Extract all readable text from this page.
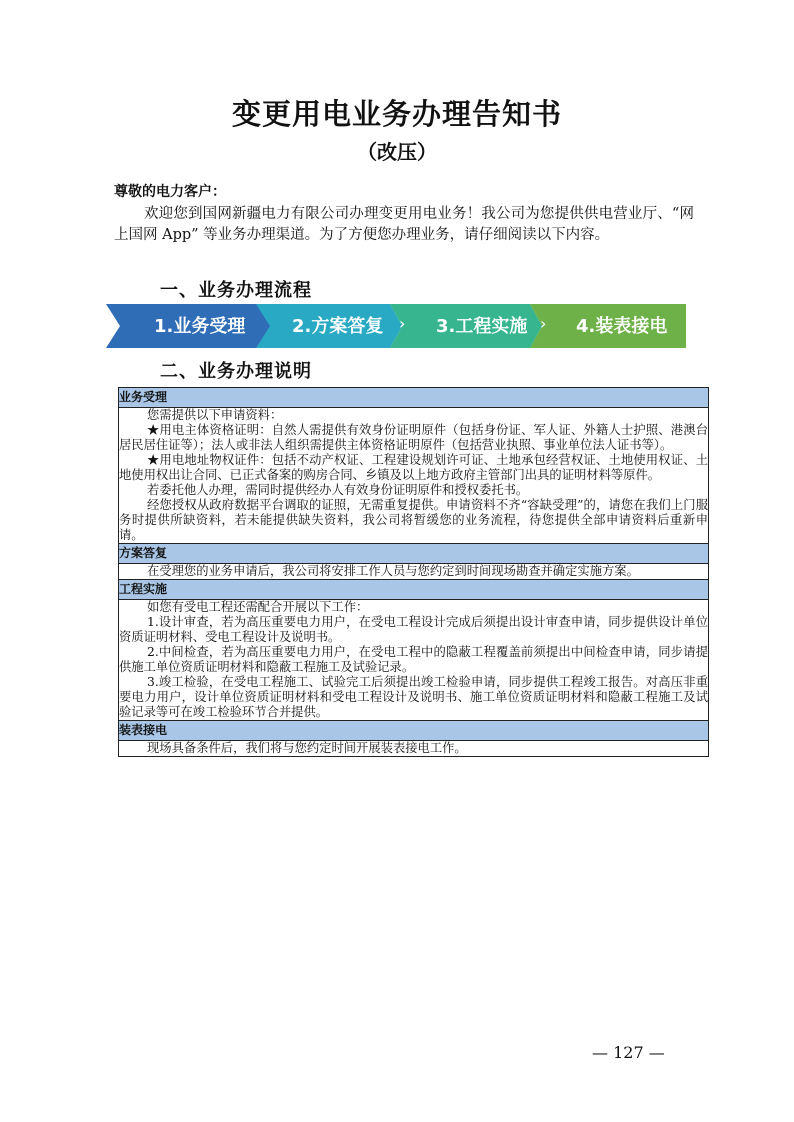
变更用电业务办理告知书
（改压）
尊敬的电力客户：
欢迎您到国网新疆电力有限公司办理变更用电业务！我公司为您提供供电营业厅、“网上国网 App” 等业务办理渠道。为了方便您办理业务，请仔细阅读以下内容。
一、业务办理流程
1.业务受理	2.方案答复 › 3.工程实施 › 4.装表接电
二、业务办理说明
业务受理

您需提供以下申请资料：

★用电主体资格证明：自然人需提供有效身份证明原件（包括身份证、军人证、外籍人士护照、港澳台居民居住证等）；法人或非法人组织需提供主体资格证明原件（包括营业执照、事业单位法人证书等）。

★用电地址物权证件：包括不动产权证、工程建设规划许可证、土地承包经营权证、土地使用权证、土地使用权出让合同、已正式备案的购房合同、乡镇及以上地方政府主管部门出具的证明材料等原件。

若委托他人办理，需同时提供经办人有效身份证明原件和授权委托书。

经您授权从政府数据平台调取的证照，无需重复提供。申请资料不齐“容缺受理”的，请您在我们上门服务时提供所缺资料，若未能提供缺失资料，我公司将暂缓您的业务流程，待您提供全部申请资料后重新申请。

方案答复

在受理您的业务申请后，我公司将安排工作人员与您约定到时间现场勘查并确定实施方案。

工程实施

如您有受电工程还需配合开展以下工作：

1.设计审查，若为高压重要电力用户，在受电工程设计完成后须提出设计审查申请，同步提供设计单位资质证明材料、受电工程设计及说明书。

2.中间检查，若为高压重要电力用户，在受电工程中的隐蔽工程覆盖前须提出中间检查申请，同步请提供施工单位资质证明材料和隐蔽工程施工及试验记录。

3.竣工检验，在受电工程施工、试验完工后须提出竣工检验申请，同步提供工程竣工报告。对高压非重要电力用户，设计单位资质证明材料和受电工程设计及说明书、施工单位资质证明材料和隐蔽工程施工及试验记录等可在竣工检验环节合并提供。

装表接电

现场具备条件后，我们将与您约定时间开展装表接电工作。

— 127 —
